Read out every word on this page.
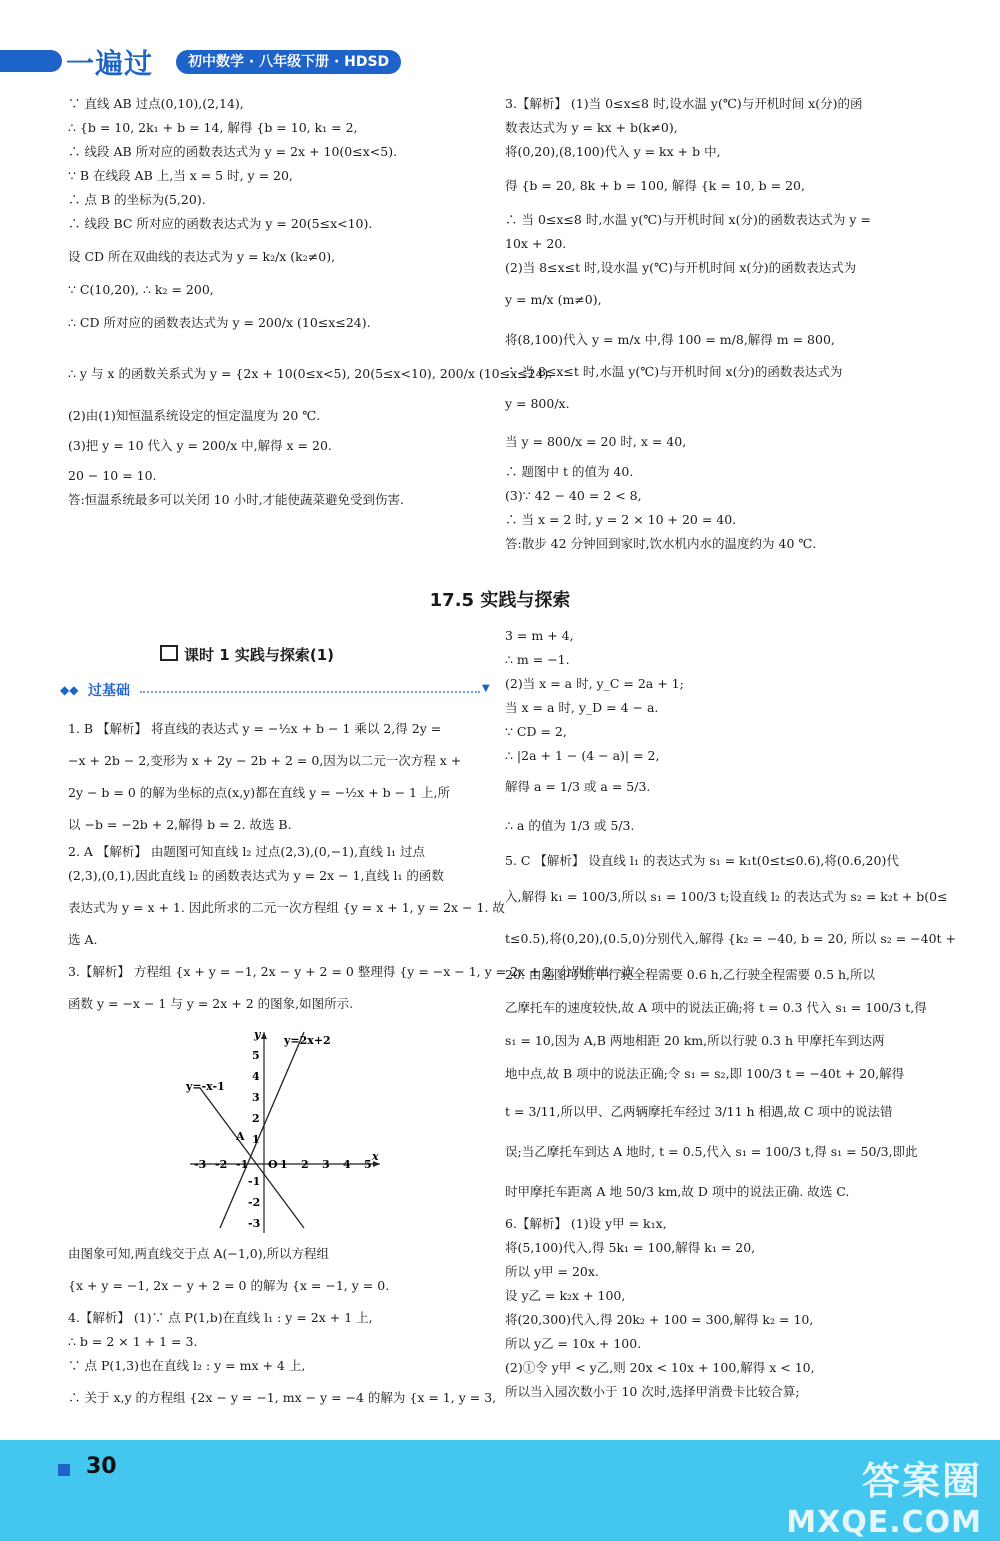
一遍过	初中数学 · 八年级下册 · HDSD

∵ 直线 AB 过点(0,10),(2,14),

∴ {b = 10, 2k₁ + b = 14, 解得 {b = 10, k₁ = 2,

∴ 线段 AB 所对应的函数表达式为 y = 2x + 10(0≤x<5).

∵ B 在线段 AB 上,当 x = 5 时, y = 20,

∴ 点 B 的坐标为(5,20).

∴ 线段 BC 所对应的函数表达式为 y = 20(5≤x<10).

设 CD 所在双曲线的表达式为 y = k₂/x (k₂≠0),

∵ C(10,20), ∴ k₂ = 200,

∴ CD 所对应的函数表达式为 y = 200/x (10≤x≤24).

∴ y 与 x 的函数关系式为 y = {2x + 10(0≤x<5), 20(5≤x<10), 200/x (10≤x≤24).

(2)由(1)知恒温系统设定的恒定温度为 20 ℃.

(3)把 y = 10 代入 y = 200/x 中,解得 x = 20.

20 − 10 = 10.

答:恒温系统最多可以关闭 10 小时,才能使蔬菜避免受到伤害.

3.【解析】 (1)当 0≤x≤8 时,设水温 y(℃)与开机时间 x(分)的函

数表达式为 y = kx + b(k≠0),

将(0,20),(8,100)代入 y = kx + b 中,

得 {b = 20, 8k + b = 100, 解得 {k = 10, b = 20,

∴ 当 0≤x≤8 时,水温 y(℃)与开机时间 x(分)的函数表达式为 y =

10x + 20.

(2)当 8≤x≤t 时,设水温 y(℃)与开机时间 x(分)的函数表达式为

y = m/x (m≠0),

将(8,100)代入 y = m/x 中,得 100 = m/8,解得 m = 800,

∴ 当 8≤x≤t 时,水温 y(℃)与开机时间 x(分)的函数表达式为

y = 800/x.

当 y = 800/x = 20 时, x = 40,

∴ 题图中 t 的值为 40.

(3)∵ 42 − 40 = 2 < 8,

∴ 当 x = 2 时, y = 2 × 10 + 20 = 40.

答:散步 42 分钟回到家时,饮水机内水的温度约为 40 ℃.

17.5 实践与探索
课时 1 实践与探索(1)
◆◆ 过基础	▼

1. B 【解析】 将直线的表达式 y = −½x + b − 1 乘以 2,得 2y =

−x + 2b − 2,变形为 x + 2y − 2b + 2 = 0,因为以二元一次方程 x +

2y − b = 0 的解为坐标的点(x,y)都在直线 y = −½x + b − 1 上,所

以 −b = −2b + 2,解得 b = 2. 故选 B.

2. A 【解析】 由题图可知直线 l₂ 过点(2,3),(0,−1),直线 l₁ 过点

(2,3),(0,1),因此直线 l₂ 的函数表达式为 y = 2x − 1,直线 l₁ 的函数

表达式为 y = x + 1. 因此所求的二元一次方程组 {y = x + 1, y = 2x − 1. 故

选 A.

3.【解析】 方程组 {x + y = −1, 2x − y + 2 = 0 整理得 {y = −x − 1, y = 2x + 2, 分别作出一次

函数 y = −x − 1 与 y = 2x + 2 的图象,如图所示.

y=2x+2
y=-x-1
y
x
O
A
-3 -2 -1	1 2 3 4 5
5
4
3
2
1
-1
-2
-3

由图象可知,两直线交于点 A(−1,0),所以方程组

{x + y = −1, 2x − y + 2 = 0 的解为 {x = −1, y = 0.

4.【解析】 (1)∵ 点 P(1,b)在直线 l₁ : y = 2x + 1 上,

∴ b = 2 × 1 + 1 = 3.

∵ 点 P(1,3)也在直线 l₂ : y = mx + 4 上,

∴ 关于 x,y 的方程组 {2x − y = −1, mx − y = −4 的解为 {x = 1, y = 3,

3 = m + 4,

∴ m = −1.

(2)当 x = a 时, y_C = 2a + 1;

当 x = a 时, y_D = 4 − a.

∵ CD = 2,

∴ |2a + 1 − (4 − a)| = 2,

解得 a = 1/3 或 a = 5/3.

∴ a 的值为 1/3 或 5/3.

5. C 【解析】 设直线 l₁ 的表达式为 s₁ = k₁t(0≤t≤0.6),将(0.6,20)代

入,解得 k₁ = 100/3,所以 s₁ = 100/3 t;设直线 l₂ 的表达式为 s₂ = k₂t + b(0≤

t≤0.5),将(0,20),(0.5,0)分别代入,解得 {k₂ = −40, b = 20, 所以 s₂ = −40t +

20. 由题图可知,甲行驶全程需要 0.6 h,乙行驶全程需要 0.5 h,所以

乙摩托车的速度较快,故 A 项中的说法正确;将 t = 0.3 代入 s₁ = 100/3 t,得

s₁ = 10,因为 A,B 两地相距 20 km,所以行驶 0.3 h 甲摩托车到达两

地中点,故 B 项中的说法正确;令 s₁ = s₂,即 100/3 t = −40t + 20,解得

t = 3/11,所以甲、乙两辆摩托车经过 3/11 h 相遇,故 C 项中的说法错

误;当乙摩托车到达 A 地时, t = 0.5,代入 s₁ = 100/3 t,得 s₁ = 50/3,即此

时甲摩托车距离 A 地 50/3 km,故 D 项中的说法正确. 故选 C.

6.【解析】 (1)设 y甲 = k₁x,

将(5,100)代入,得 5k₁ = 100,解得 k₁ = 20,

所以 y甲 = 20x.

设 y乙 = k₂x + 100,

将(20,300)代入,得 20k₂ + 100 = 300,解得 k₂ = 10,

所以 y乙 = 10x + 100.

(2)①令 y甲 < y乙,则 20x < 10x + 100,解得 x < 10,

所以当入园次数小于 10 次时,选择甲消费卡比较合算;

30	答案圈
MXQE.COM
